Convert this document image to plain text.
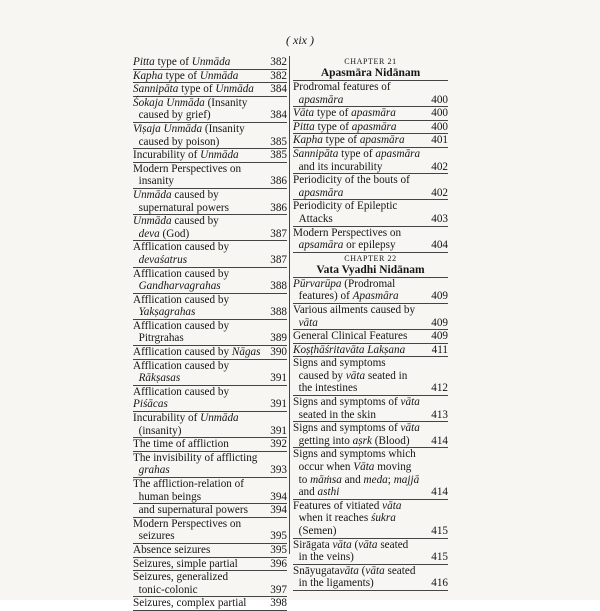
( xix )
Pitta type of Unmāda	382
Kapha type of Unmāda	382
Sannipāta type of Unmāda	384
Śokaja Unmāda (Insanity
caused by grief)	384
Viṣaja Unmāda (Insanity
caused by poison)	385
Incurability of Unmāda	385
Modern Perspectives on
insanity	386
Unmāda caused by
supernatural powers	386
Unmāda caused by
deva (God)	387
Afflication caused by
devaśatrus	387
Afflication caused by
Gandharvagrahas	388
Afflication caused by
Yakṣagrahas	388
Afflication caused by
Pitrgrahas	389
Afflication caused by Nāgas 390
Afflication caused by
Rākṣasas	391
Afflication caused by Piśācas	391
Incurability of Unmāda
(insanity)	391
The time of affliction	392
The invisibility of afflicting
grahas	393
The affliction-relation of
human beings	394
and supernatural powers	394
Modern Perspectives on
seizures	395
Absence seizures	395
Seizures, simple partial	396
Seizures, generalized
tonic-colonic	397
Seizures, complex partial	398
CHAPTER 21
Apasmāra Nidānam
Prodromal features of
apasmāra	400
Vāta type of apasmāra	400
Pitta type of apasmāra	400
Kapha type of apasmāra	401
Sannipāta type of apasmāra
and its incurability	402
Periodicity of the bouts of
apasmāra	402
Periodicity of Epileptic
Attacks	403
Modern Perspectives on
apsamāra or epilepsy	404
CHAPTER 22
Vata Vyadhi Nidānam
Pūrvarūpa (Prodromal
features) of Apasmāra	409
Various ailments caused by
vāta	409
General Clinical Features	409
Koṣṭhāśritavāta Lakṣana	411
Signs and symptoms
caused by vāta seated in
the intestines	412
Signs and symptoms of vāta
seated in the skin	413
Signs and symptoms of vāta
getting into aṣrk (Blood)	414
Signs and symptoms which
occur when Vāta moving
to māṁsa and meda; majjā
and asthi	414
Features of vitiated vāta
when it reaches śukra
(Semen)	415
Sirāgata vāta (vāta seated
in the veins)	415
Snāyugatavāta (vāta seated
in the ligaments)	416
